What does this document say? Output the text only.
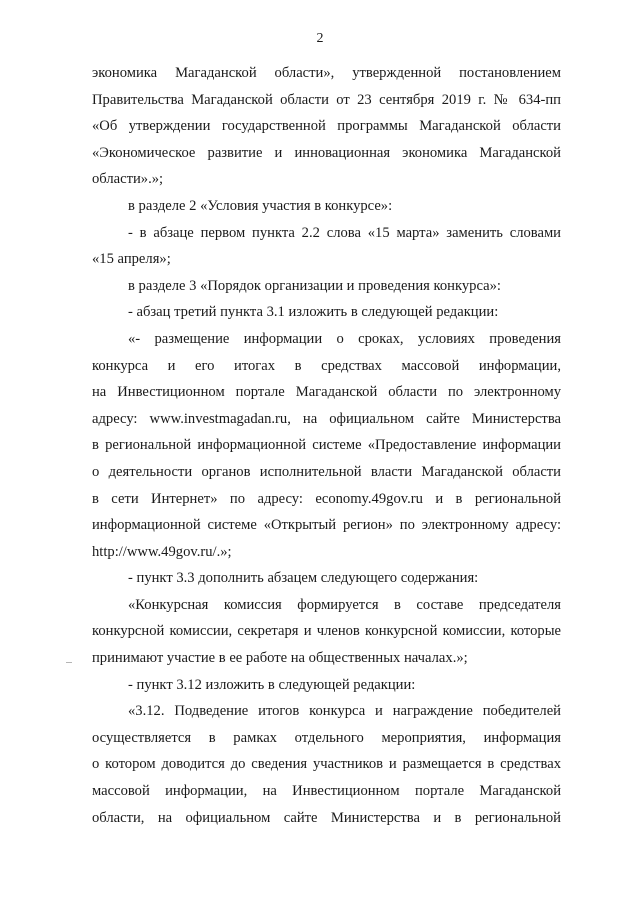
2
экономика Магаданской области», утвержденной постановлением
Правительства Магаданской области от 23 сентября 2019 г. № 634-пп
«Об утверждении государственной программы Магаданской области
«Экономическое развитие и инновационная экономика Магаданской
области».»;
в разделе 2 «Условия участия в конкурсе»:
- в абзаце первом пункта 2.2 слова «15 марта» заменить словами
«15 апреля»;
в разделе 3 «Порядок организации и проведения конкурса»:
- абзац третий пункта 3.1 изложить в следующей редакции:
«- размещение информации о сроках, условиях проведения
конкурса и его итогах в средствах массовой информации,
на Инвестиционном портале Магаданской области по электронному
адресу: www.investmagadan.ru, на официальном сайте Министерства
в региональной информационной системе «Предоставление информации
о деятельности органов исполнительной власти Магаданской области
в сети Интернет» по адресу: economy.49gov.ru и в региональной
информационной системе «Открытый регион» по электронному адресу:
http://www.49gov.ru/.»;
- пункт 3.3 дополнить абзацем следующего содержания:
«Конкурсная комиссия формируется в составе председателя
конкурсной комиссии, секретаря и членов конкурсной комиссии, которые
принимают участие в ее работе на общественных началах.»;
- пункт 3.12 изложить в следующей редакции:
«3.12. Подведение итогов конкурса и награждение победителей
осуществляется в рамках отдельного мероприятия, информация
о котором доводится до сведения участников и размещается в средствах
массовой информации, на Инвестиционном портале Магаданской
области, на официальном сайте Министерства и в региональной
